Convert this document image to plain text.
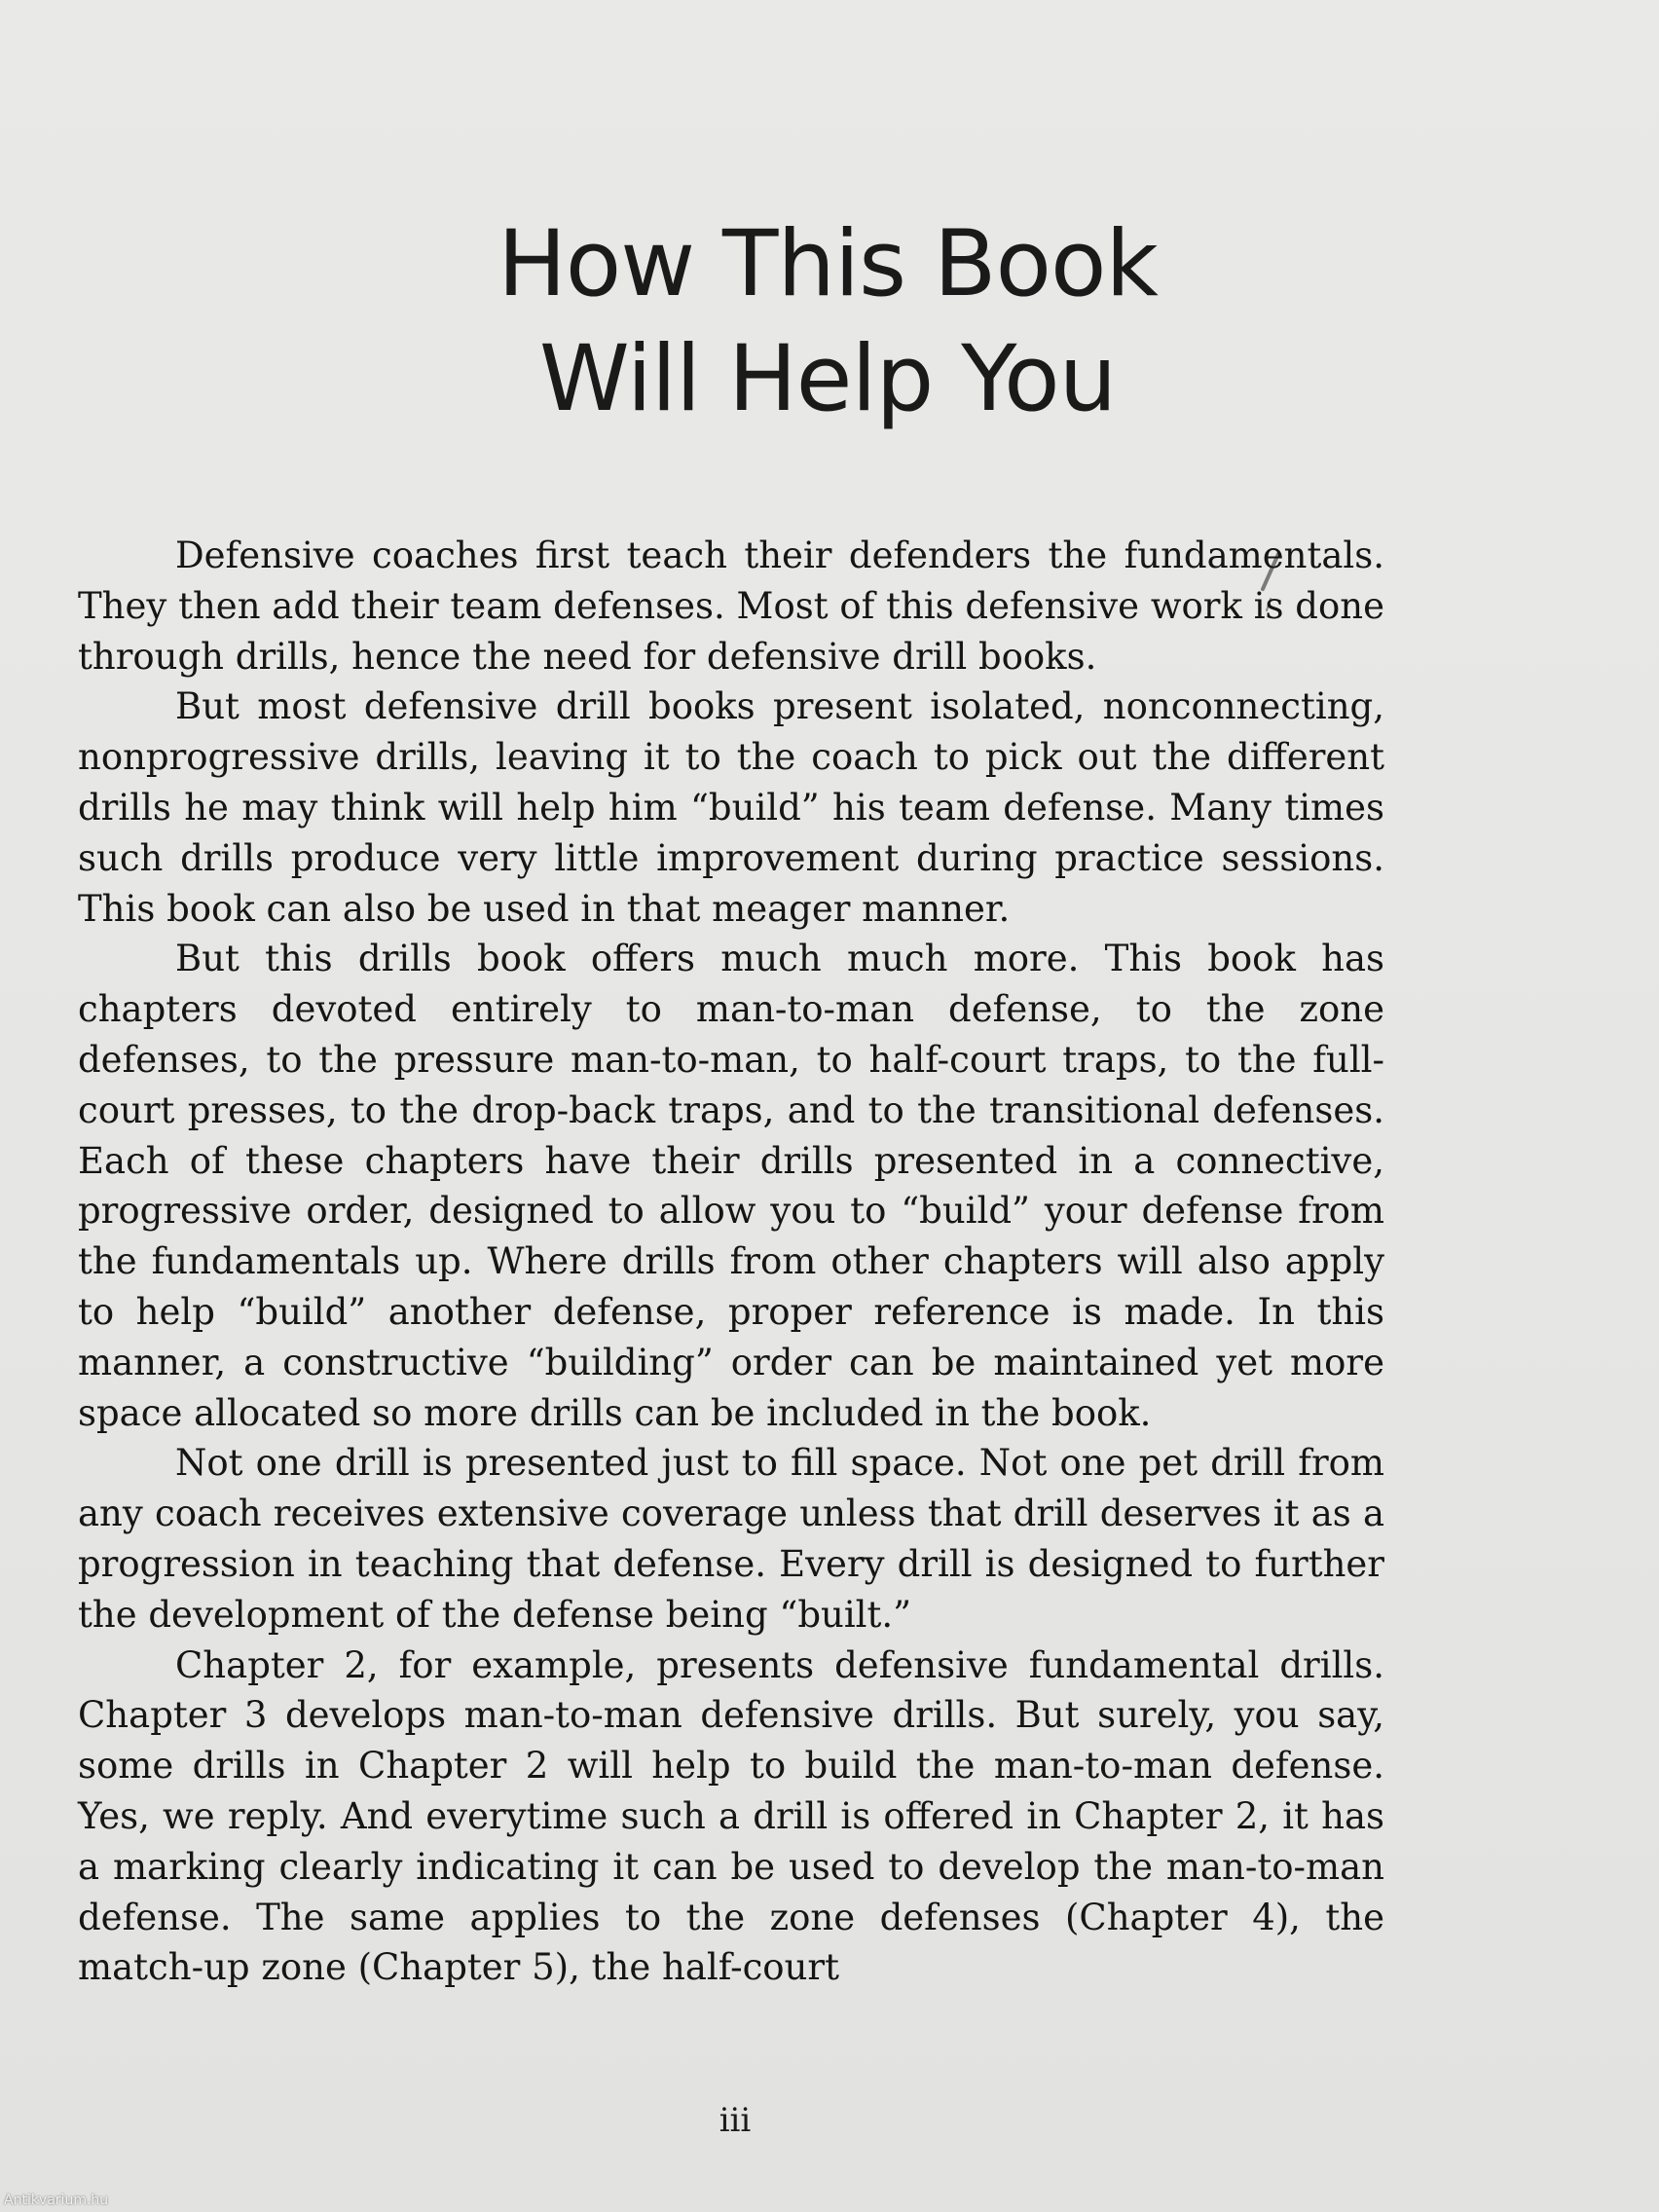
How This Book
Will Help You

Defensive coaches first teach their defenders the fundamentals. They then add their team defenses. Most of this defensive work is done through drills, hence the need for defensive drill books.

But most defensive drill books present isolated, nonconnecting, nonprogressive drills, leaving it to the coach to pick out the different drills he may think will help him “build” his team defense. Many times such drills produce very little improvement during practice sessions. This book can also be used in that meager manner.

But this drills book offers much much more. This book has chapters devoted entirely to man-to-man defense, to the zone defenses, to the pressure man-to-man, to half-court traps, to the full-court presses, to the drop-back traps, and to the transitional defenses. Each of these chapters have their drills presented in a connective, progressive order, designed to allow you to “build” your defense from the fundamentals up. Where drills from other chapters will also apply to help “build” another defense, proper reference is made. In this manner, a constructive “building” order can be maintained yet more space allocated so more drills can be included in the book.

Not one drill is presented just to fill space. Not one pet drill from any coach receives extensive coverage unless that drill deserves it as a progression in teaching that defense. Every drill is designed to further the development of the defense being “built.”

Chapter 2, for example, presents defensive fundamental drills. Chapter 3 develops man-to-man defensive drills. But surely, you say, some drills in Chapter 2 will help to build the man-to-man defense. Yes, we reply. And everytime such a drill is offered in Chapter 2, it has a marking clearly indicating it can be used to develop the man-to-man defense. The same applies to the zone defenses (Chapter 4), the match-up zone (Chapter 5), the half-court

iii
Antikvarium.hu
